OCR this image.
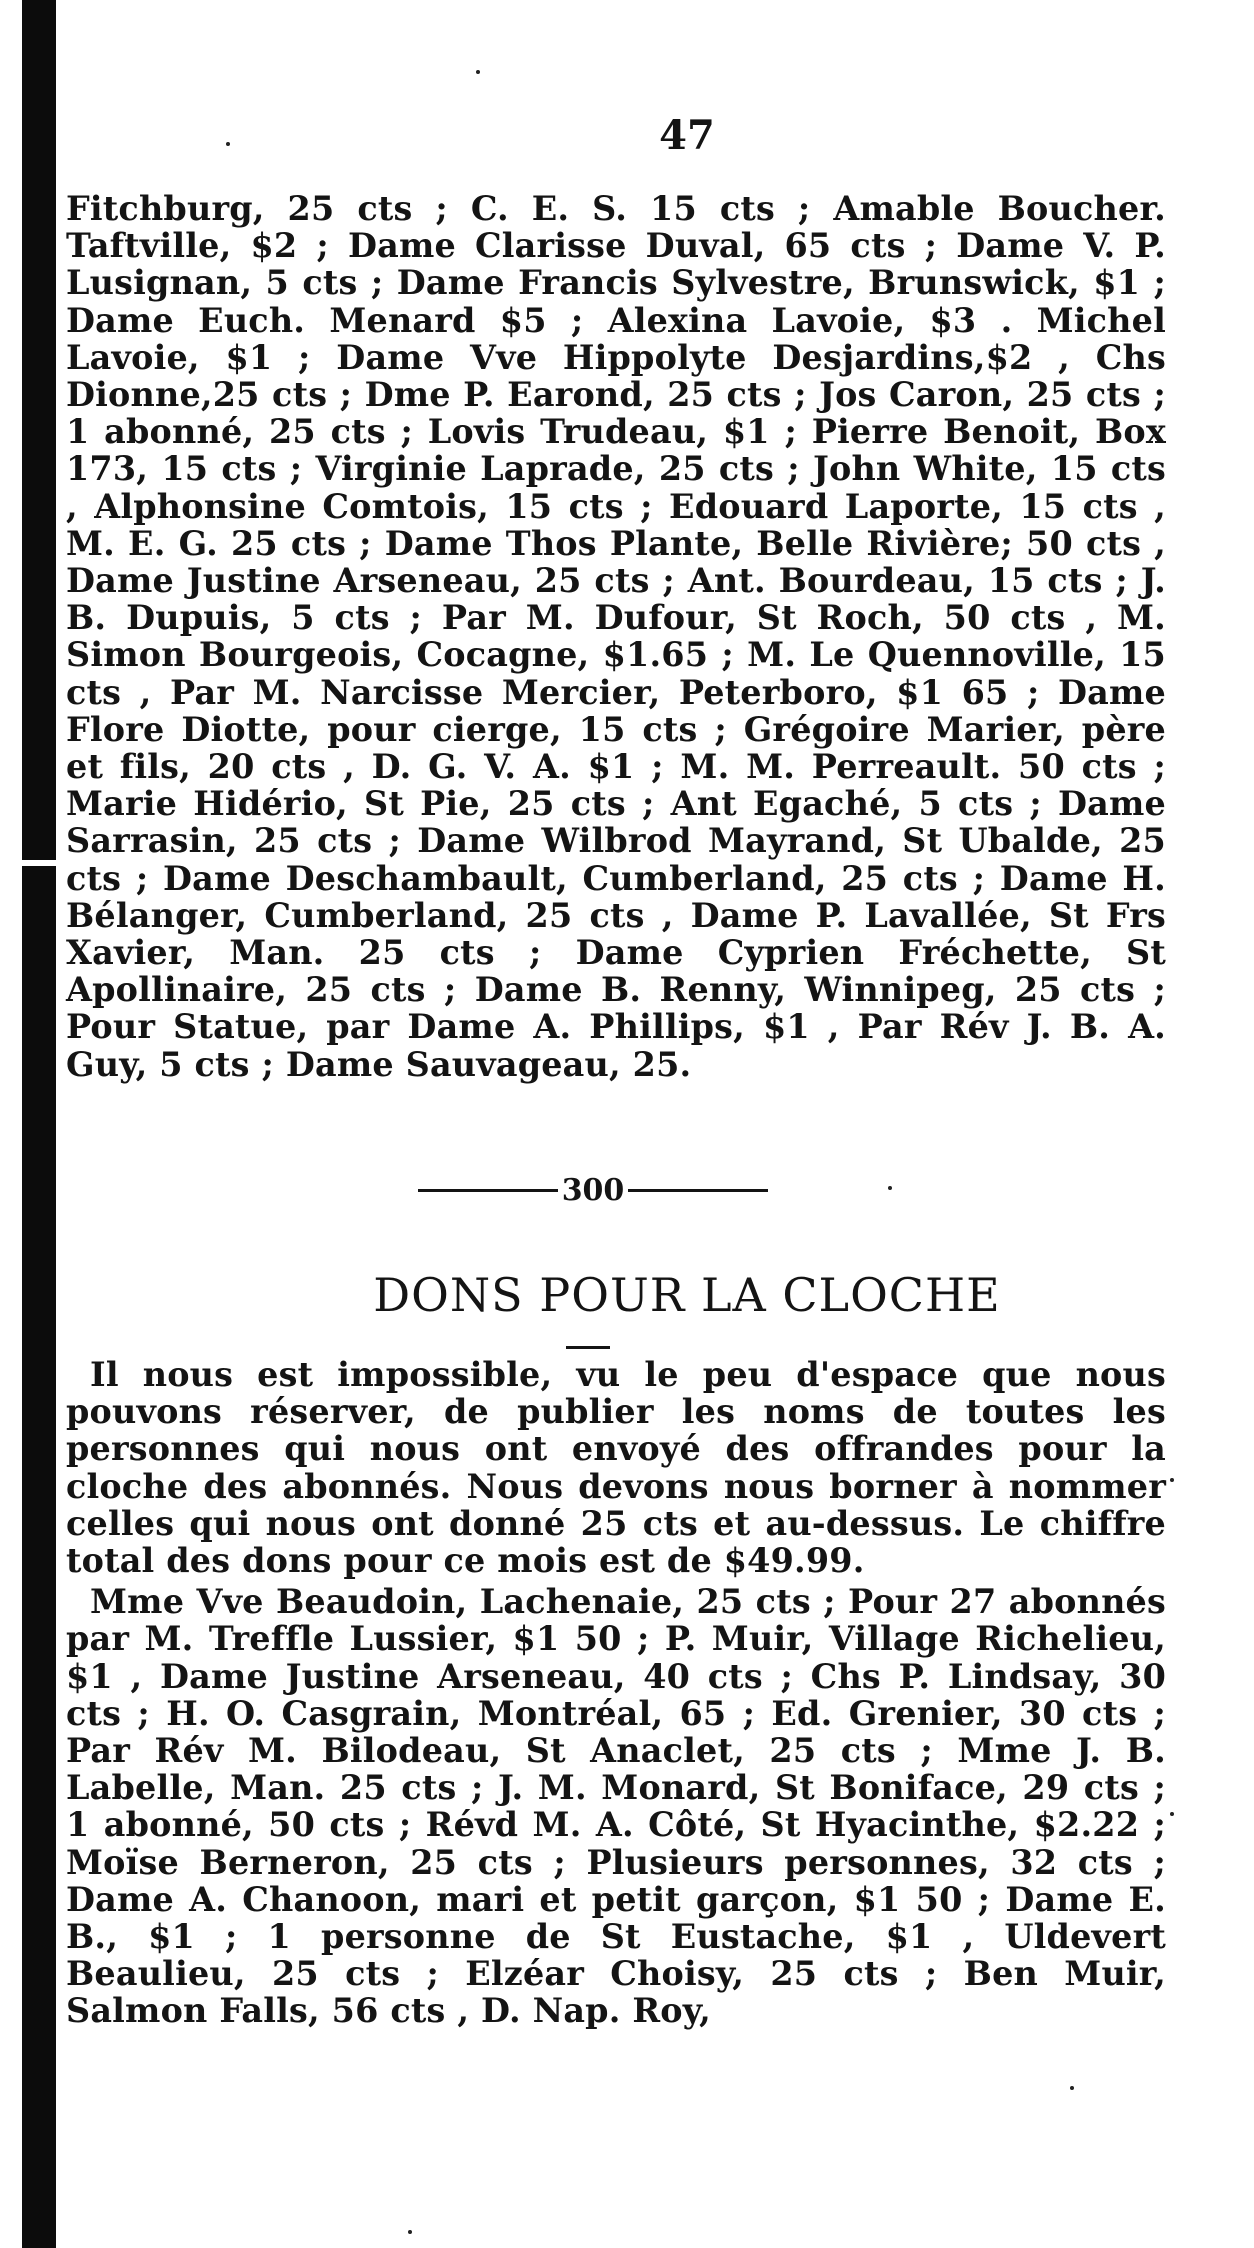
47

Fitchburg, 25 cts ; C. E. S. 15 cts ; Amable Boucher. Taftville, $2 ; Dame Clarisse Duval, 65 cts ; Dame V. P. Lusignan, 5 cts ; Dame Francis Sylvestre, Brunswick, $1 ; Dame Euch. Menard $5 ; Alexina Lavoie, $3 . Michel Lavoie, $1 ; Dame Vve Hippolyte Desjardins,$2 , Chs Dionne,25 cts ; Dme P. Earond, 25 cts ; Jos Caron, 25 cts ; 1 abonné, 25 cts ; Lovis Trudeau, $1 ; Pierre Benoit, Box 173, 15 cts ; Virginie Laprade, 25 cts ; John White, 15 cts , Alphonsine Comtois, 15 cts ; Edouard Laporte, 15 cts , M. E. G. 25 cts ; Dame Thos Plante, Belle Rivière; 50 cts , Dame Justine Arseneau, 25 cts ; Ant. Bourdeau, 15 cts ; J. B. Dupuis, 5 cts ; Par M. Dufour, St Roch, 50 cts , M. Simon Bourgeois, Cocagne, $1.65 ; M. Le Quennoville, 15 cts , Par M. Narcisse Mercier, Peterboro, $1 65 ; Dame Flore Diotte, pour cierge, 15 cts ; Grégoire Marier, père et fils, 20 cts , D. G. V. A. $1 ; M. M. Perreault. 50 cts ; Marie Hidério, St Pie, 25 cts ; Ant Egaché, 5 cts ; Dame Sarrasin, 25 cts ; Dame Wilbrod Mayrand, St Ubalde, 25 cts ; Dame Deschambault, Cumberland, 25 cts ; Dame H. Bélanger, Cumberland, 25 cts , Dame P. Lavallée, St Frs Xavier, Man. 25 cts ; Dame Cyprien Fréchette, St Apollinaire, 25 cts ; Dame B. Renny, Winnipeg, 25 cts ; Pour Statue, par Dame A. Phillips, $1 , Par Rév J. B. A. Guy, 5 cts ; Dame Sauvageau, 25.

300
DONS POUR LA CLOCHE

Il nous est impossible, vu le peu d'espace que nous pouvons réserver, de publier les noms de toutes les personnes qui nous ont envoyé des offrandes pour la cloche des abonnés. Nous devons nous borner à nommer celles qui nous ont donné 25 cts et au-dessus. Le chiffre total des dons pour ce mois est de $49.99.

Mme Vve Beaudoin, Lachenaie, 25 cts ; Pour 27 abonnés par M. Treffle Lussier, $1 50 ; P. Muir, Village Richelieu, $1 , Dame Justine Arseneau, 40 cts ; Chs P. Lindsay, 30 cts ; H. O. Casgrain, Montréal, 65 ; Ed. Grenier, 30 cts ; Par Rév M. Bilodeau, St Anaclet, 25 cts ; Mme J. B. Labelle, Man. 25 cts ; J. M. Monard, St Boniface, 29 cts ; 1 abonné, 50 cts ; Révd M. A. Côté, St Hyacinthe, $2.22 ; Moïse Berneron, 25 cts ; Plusieurs personnes, 32 cts ; Dame A. Chanoon, mari et petit garçon, $1 50 ; Dame E. B., $1 ; 1 personne de St Eustache, $1 , Uldevert Beaulieu, 25 cts ; Elzéar Choisy, 25 cts ; Ben Muir, Salmon Falls, 56 cts , D. Nap. Roy,
